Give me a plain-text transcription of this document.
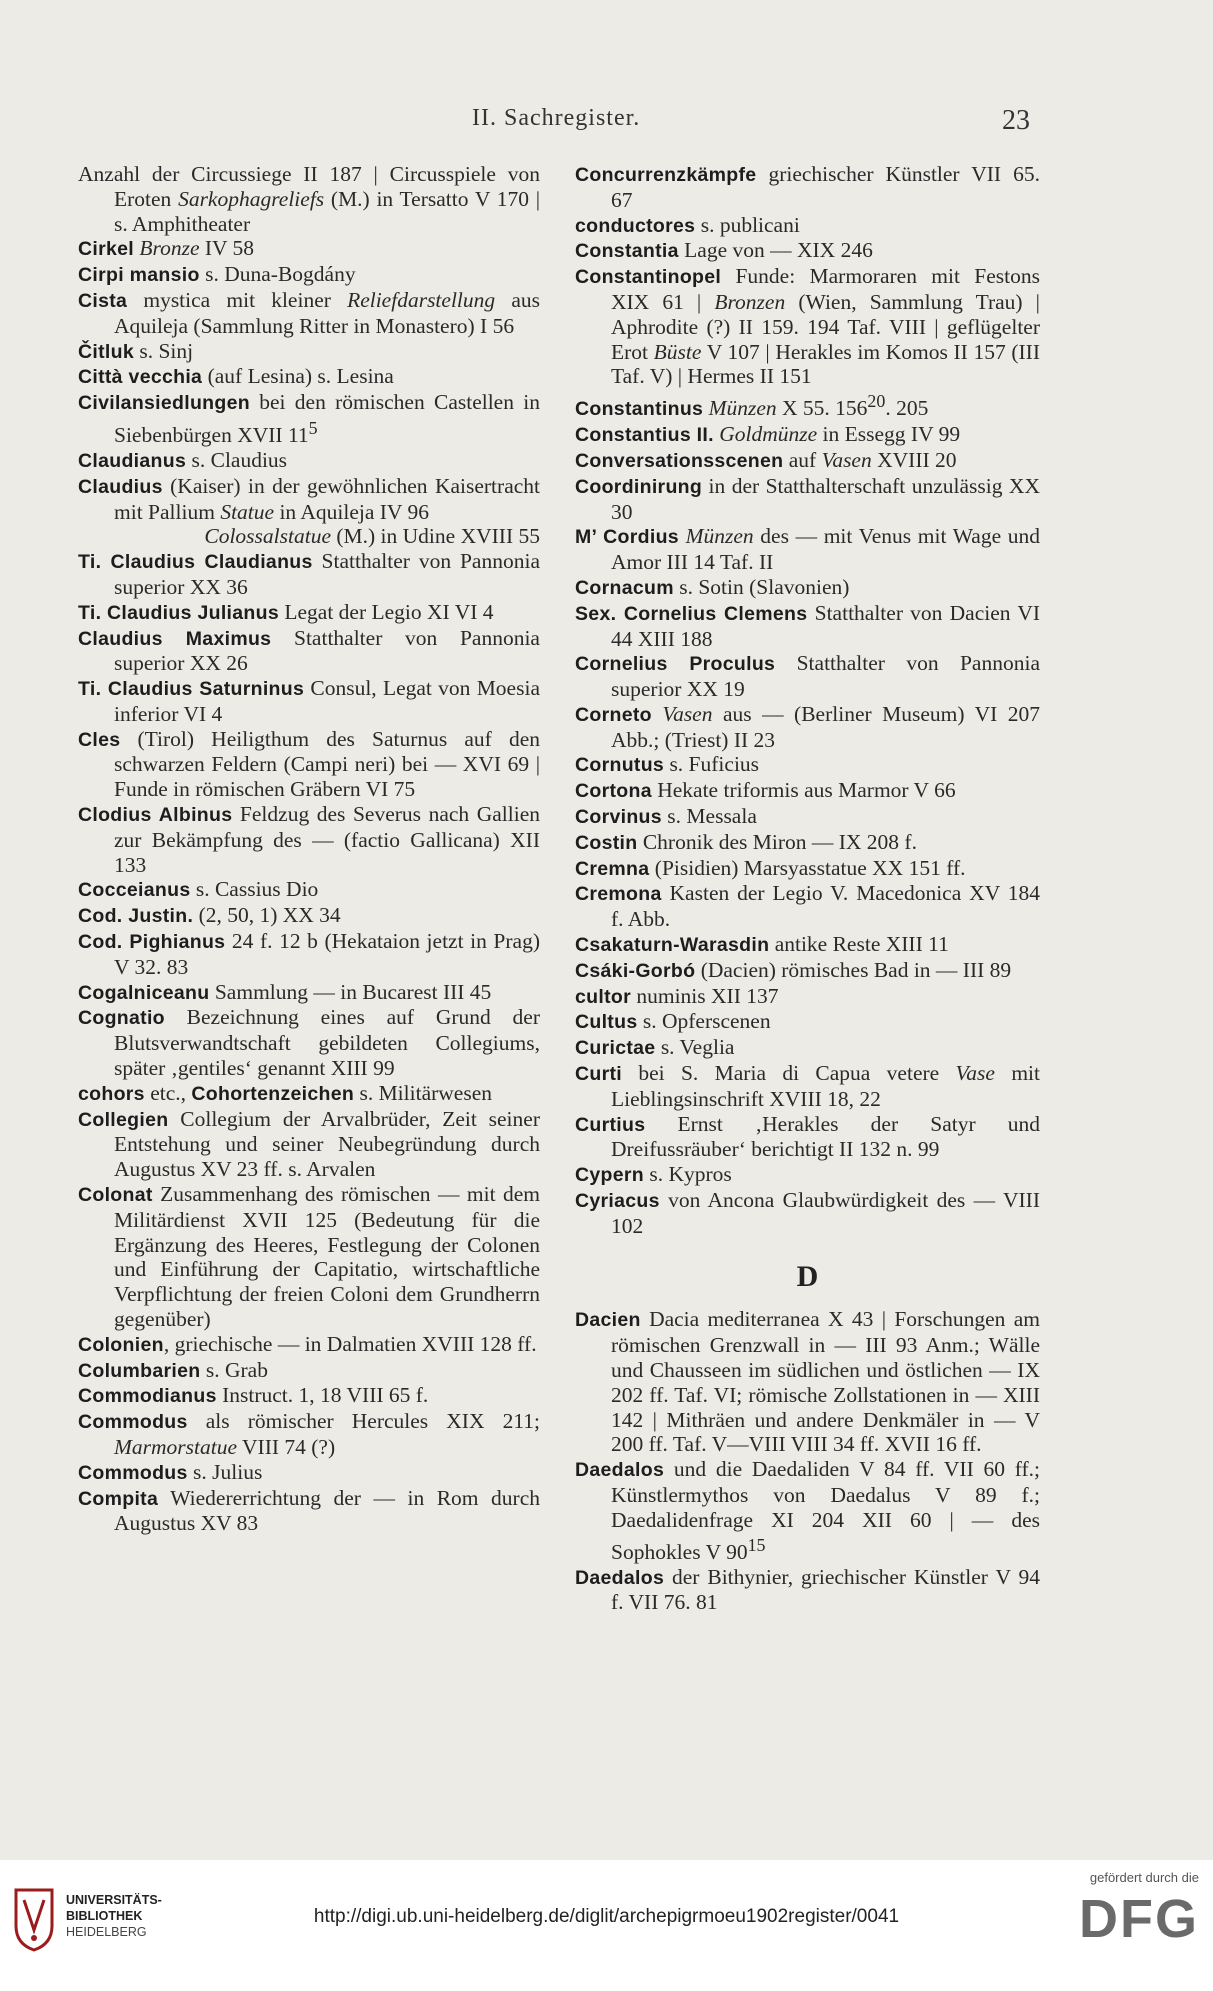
II. Sachregister.	23

Anzahl der Circussiege II 187 | Circusspiele von Eroten Sarkophagreliefs (M.) in Tersatto V 170 | s. Amphitheater

Cirkel Bronze IV 58

Cirpi mansio s. Duna-Bogdány

Cista mystica mit kleiner Reliefdarstellung aus Aquileja (Sammlung Ritter in Monastero) I 56

Čitluk s. Sinj

Città vecchia (auf Lesina) s. Lesina

Civilansiedlungen bei den römischen Castellen in Siebenbürgen XVII $11^5$

Claudianus s. Claudius

Claudius (Kaiser) in der gewöhnlichen Kaisertracht mit Pallium Statue in Aquileja IV 96
Colossalstatue (M.) in Udine XVIII 55

Ti. Claudius Claudianus Statthalter von Pannonia superior XX 36

Ti. Claudius Julianus Legat der Legio XI VI 4

Claudius Maximus Statthalter von Pannonia superior XX 26

Ti. Claudius Saturninus Consul, Legat von Moesia inferior VI 4

Cles (Tirol) Heiligthum des Saturnus auf den schwarzen Feldern (Campi neri) bei — XVI 69 | Funde in römischen Gräbern VI 75

Clodius Albinus Feldzug des Severus nach Gallien zur Bekämpfung des — (factio Gallicana) XII 133

Cocceianus s. Cassius Dio

Cod. Justin. (2, 50, 1) XX 34

Cod. Pighianus 24 f. 12 b (Hekataion jetzt in Prag) V 32. 83

Cogalniceanu Sammlung — in Bucarest III 45

Cognatio Bezeichnung eines auf Grund der Blutsverwandtschaft gebildeten Collegiums, später ‚gentiles‘ genannt XIII 99

cohors etc., Cohortenzeichen s. Militärwesen

Collegien Collegium der Arvalbrüder, Zeit seiner Entstehung und seiner Neubegründung durch Augustus XV 23 ff. s. Arvalen

Colonat Zusammenhang des römischen — mit dem Militärdienst XVII 125 (Bedeutung für die Ergänzung des Heeres, Festlegung der Colonen und Einführung der Capitatio, wirtschaftliche Verpflichtung der freien Coloni dem Grundherrn gegenüber)

Colonien, griechische — in Dalmatien XVIII 128 ff.

Columbarien s. Grab

Commodianus Instruct. 1, 18 VIII 65 f.

Commodus als römischer Hercules XIX 211; Marmorstatue VIII 74 (?)

Commodus s. Julius

Compita Wiedererrichtung der — in Rom durch Augustus XV 83

Concurrenzkämpfe griechischer Künstler VII 65. 67

conductores s. publicani

Constantia Lage von — XIX 246

Constantinopel Funde: Marmoraren mit Festons XIX 61 | Bronzen (Wien, Sammlung Trau) | Aphrodite (?) II 159. 194 Taf. VIII | geflügelter Erot Büste V 107 | Herakles im Komos II 157 (III Taf. V) | Hermes II 151

Constantinus Münzen X 55. $156^{20}$. 205

Constantius II. Goldmünze in Essegg IV 99

Conversationsscenen auf Vasen XVIII 20

Coordinirung in der Statthalterschaft unzulässig XX 30

M’ Cordius Münzen des — mit Venus mit Wage und Amor III 14 Taf. II

Cornacum s. Sotin (Slavonien)

Sex. Cornelius Clemens Statthalter von Dacien VI 44 XIII 188

Cornelius Proculus Statthalter von Pannonia superior XX 19

Corneto Vasen aus — (Berliner Museum) VI 207 Abb.; (Triest) II 23

Cornutus s. Fuficius

Cortona Hekate triformis aus Marmor V 66

Corvinus s. Messala

Costin Chronik des Miron — IX 208 f.

Cremna (Pisidien) Marsyasstatue XX 151 ff.

Cremona Kasten der Legio V. Macedonica XV 184 f. Abb.

Csakaturn-Warasdin antike Reste XIII 11

Csáki-Gorbó (Dacien) römisches Bad in — III 89

cultor numinis XII 137

Cultus s. Opferscenen

Curictae s. Veglia

Curti bei S. Maria di Capua vetere Vase mit Lieblingsinschrift XVIII 18, 22

Curtius Ernst ‚Herakles der Satyr und Dreifussräuber‘ berichtigt II 132 n. 99

Cypern s. Kypros

Cyriacus von Ancona Glaubwürdigkeit des — VIII 102

D

Dacien Dacia mediterranea X 43 | Forschungen am römischen Grenzwall in — III 93 Anm.; Wälle und Chausseen im südlichen und östlichen — IX 202 ff. Taf. VI; römische Zollstationen in — XIII 142 | Mithräen und andere Denkmäler in — V 200 ff. Taf. V—VIII VIII 34 ff. XVII 16 ff.

Daedalos und die Daedaliden V 84 ff. VII 60 ff.; Künstlermythos von Daedalus V 89 f.; Daedalidenfrage XI 204 XII 60 | — des Sophokles V $90^{15}$

Daedalos der Bithynier, griechischer Künstler V 94 f. VII 76. 81

UNIVERSITÄTS-
BIBLIOTHEK
HEIDELBERG
http://digi.ub.uni-heidelberg.de/diglit/archepigrmoeu1902register/0041
gefördert durch die
DFG
